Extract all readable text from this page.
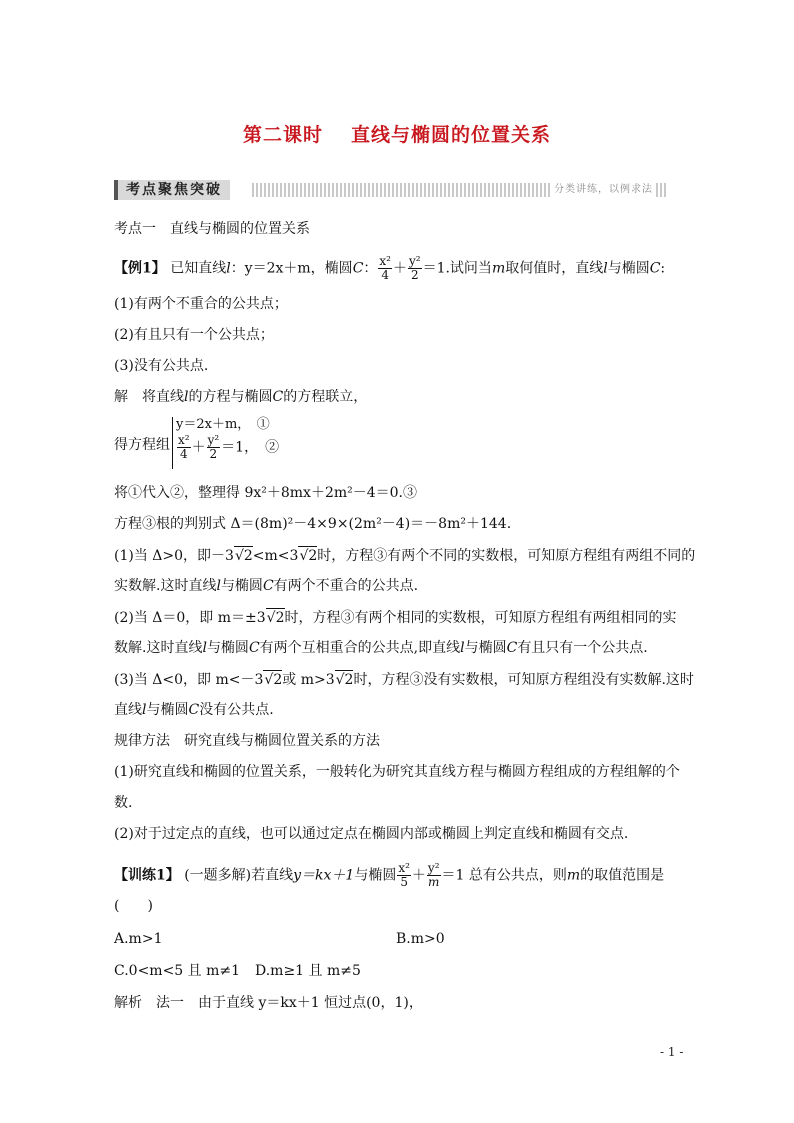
第二课时 直线与椭圆的位置关系
考点聚焦突破	分类讲练，以例求法
考点一　直线与椭圆的位置关系
【例1】 已知直线l：y＝2x＋m，椭圆C： $\frac{\text{x²}}{4} + \frac{\text{y²}}{2} =1$.试问当m取何值时，直线l与椭圆C:
(1)有两个不重合的公共点；
(2)有且只有一个公共点；
(3)没有公共点.
解　将直线l的方程与椭圆C的方程联立，
得方程组
y＝2x＋m，　①
$\frac{\text{x²}}{4} + \frac{\text{y²}}{2} =1$，　②
将①代入②，整理得 9x²＋8mx＋2m²－4＝0.③
方程③根的判别式 Δ＝(8m)²－4×9×(2m²－4)＝－8m²＋144.
(1)当 Δ>0，即－3√2<m<3√2时，方程③有两个不同的实数根，可知原方程组有两组不同的
实数解.这时直线l与椭圆C有两个不重合的公共点.
(2)当 Δ＝0，即 m＝±3√2时，方程③有两个相同的实数根，可知原方程组有两组相同的实
数解.这时直线l与椭圆C有两个互相重合的公共点,即直线l与椭圆C有且只有一个公共点.
(3)当 Δ<0，即 m<－3√2或 m>3√2时，方程③没有实数根，可知原方程组没有实数解.这时
直线l与椭圆C没有公共点.
规律方法　研究直线与椭圆位置关系的方法
(1)研究直线和椭圆的位置关系，一般转化为研究其直线方程与椭圆方程组成的方程组解的个
数.
(2)对于过定点的直线，也可以通过定点在椭圆内部或椭圆上判定直线和椭圆有交点.
【训练1】 (一题多解)若直线y＝kx＋1与椭圆 $\frac{\text{x²}}{5} + \frac{\text{y²}}{m} =1$ 总有公共点，则m的取值范围是
(　　)
A.m>1	B.m>0
C.0<m<5 且 m≠1 D.m≥1 且 m≠5
解析　法一　由于直线 y＝kx＋1 恒过点(0，1)，
- 1 -
